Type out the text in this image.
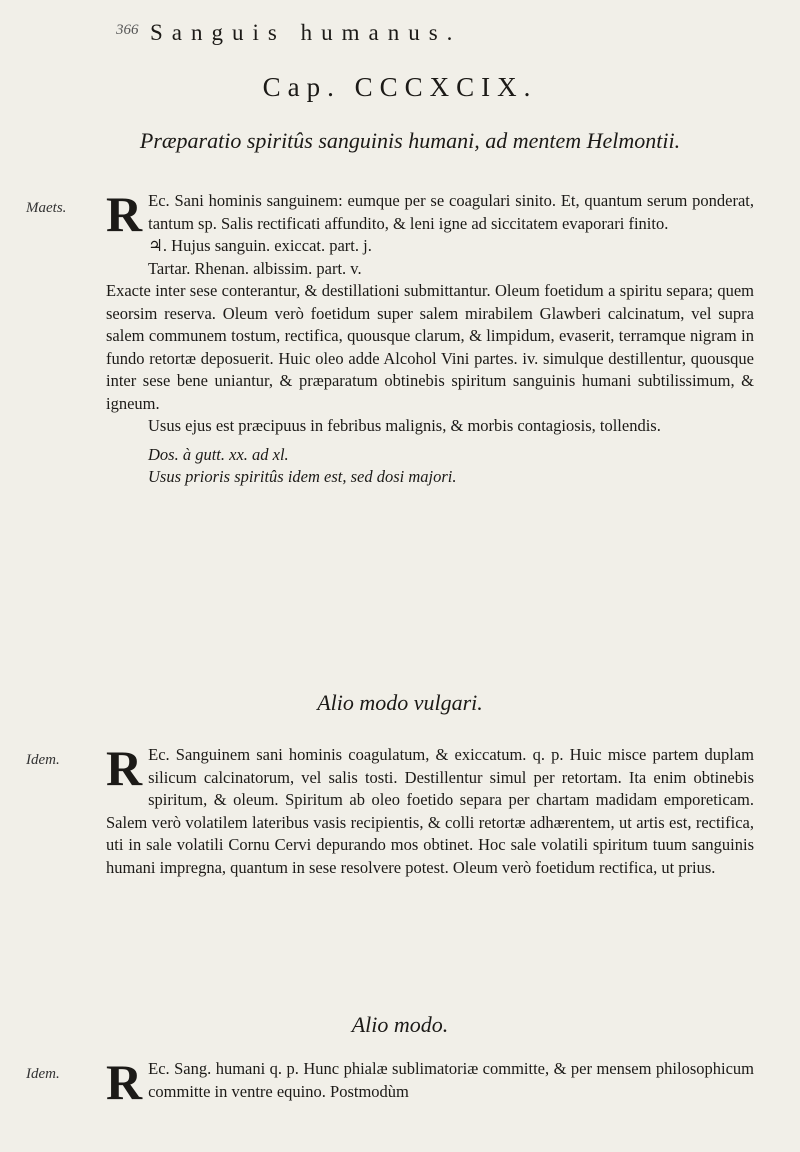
366 Sanguis humanus.
Cap. CCCXCIX.
Præparatio spiritûs sanguinis humani, ad mentem Helmontii.
Maets. R Ec. Sani hominis sanguinem: eumque per se coagulari sinito. Et, quantum serum ponderat, tantum sp. Salis rectificati affundito, & leni igne ad siccitatem evaporari finito.

♃. Hujus sanguin. exiccat. part. j.

Tartar. Rhenan. albissim. part. v.

Exacte inter sese conterantur, & destillationi submittantur. Oleum foetidum a spiritu separa; quem seorsim reserva. Oleum verò foetidum super salem mirabilem Glawberi calcinatum, vel supra salem communem tostum, rectifica, quousque clarum, & limpidum, evaserit, terramque nigram in fundo retortæ deposuerit. Huic oleo adde Alcohol Vini partes. iv. simulque destillentur, quousque inter sese bene uniantur, & præparatum obtinebis spiritum sanguinis humani subtilissimum, & igneum.

Usus ejus est præcipuus in febribus malignis, & morbis contagiosis, tollendis.

Dos. à gutt. xx. ad xl.

Usus prioris spiritûs idem est, sed dosi majori.

Alio modo vulgari.
Idem. R Ec. Sanguinem sani hominis coagulatum, & exiccatum. q. p. Huic misce partem duplam silicum calcinatorum, vel salis tosti. Destillentur simul per retortam. Ita enim obtinebis spiritum, & oleum. Spiritum ab oleo foetido separa per chartam madidam emporeticam. Salem verò volatilem lateribus vasis recipientis, & colli retortæ adhærentem, ut artis est, rectifica, uti in sale volatili Cornu Cervi depurando mos obtinet. Hoc sale volatili spiritum tuum sanguinis humani impregna, quantum in sese resolvere potest. Oleum verò foetidum rectifica, ut prius.

Alio modo.
Idem. R Ec. Sang. humani q. p. Hunc phialæ sublimatoriæ committe, & per mensem philosophicum committe in ventre equino. Postmodùm
